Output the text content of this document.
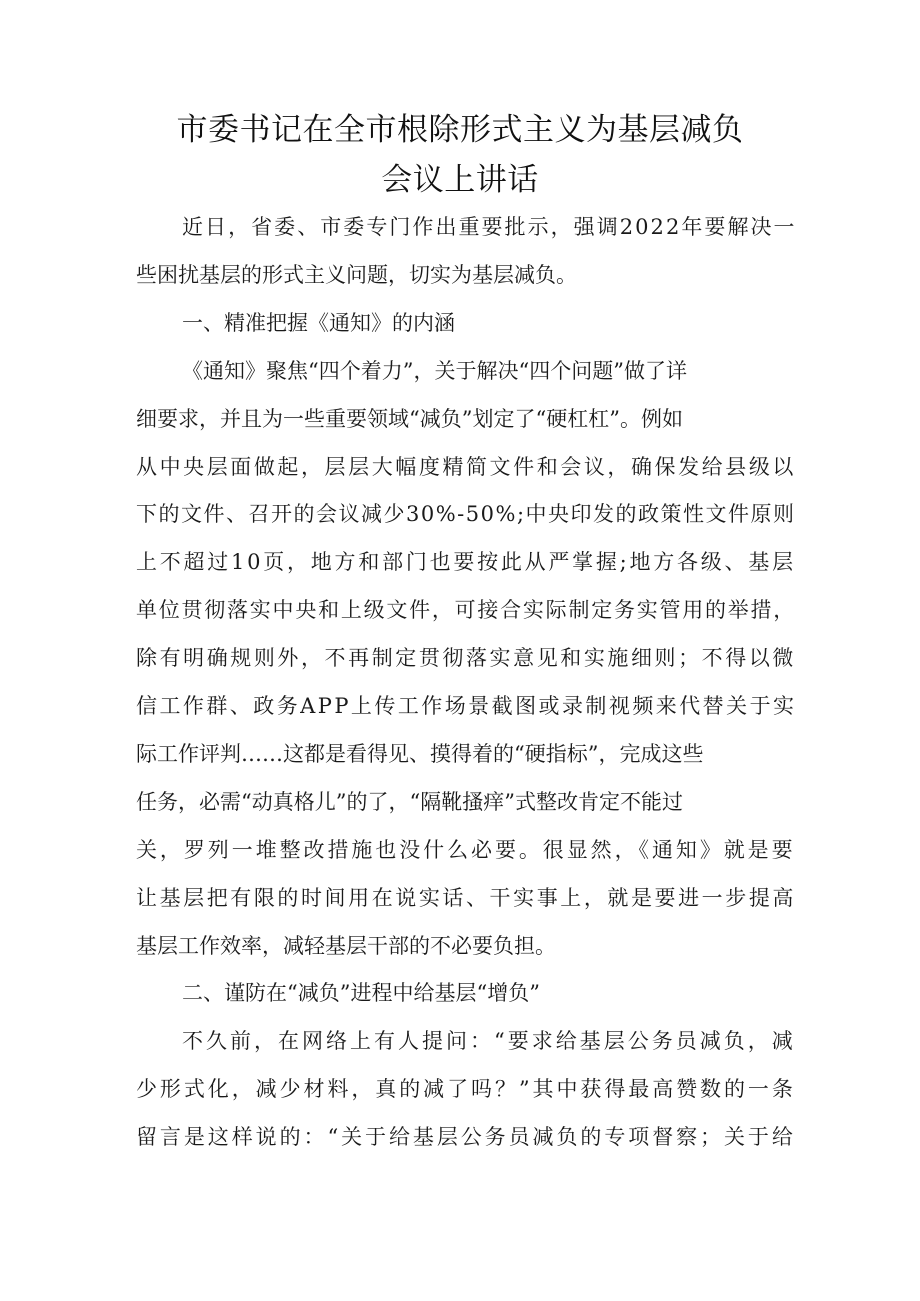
市委书记在全市根除形式主义为基层减负
会议上讲话
近日，省委、市委专门作出重要批示，强调2022年要解决一
些困扰基层的形式主义问题，切实为基层减负。
一、精准把握《通知》的内涵
《通知》聚焦“四个着力”，关于解决“四个问题”做了详
细要求，并且为一些重要领域“减负”划定了“硬杠杠”。例如
从中央层面做起，层层大幅度精简文件和会议，确保发给县级以
下的文件、召开的会议减少30%-50%;中央印发的政策性文件原则
上不超过10页，地方和部门也要按此从严掌握;地方各级、基层
单位贯彻落实中央和上级文件，可接合实际制定务实管用的举措，
除有明确规则外，不再制定贯彻落实意见和实施细则；不得以微
信工作群、政务APP上传工作场景截图或录制视频来代替关于实
际工作评判……这都是看得见、摸得着的“硬指标”，完成这些
任务，必需“动真格儿”的了，“隔靴搔痒”式整改肯定不能过
关，罗列一堆整改措施也没什么必要。很显然，《通知》就是要
让基层把有限的时间用在说实话、干实事上，就是要进一步提高
基层工作效率，减轻基层干部的不必要负担。
二、谨防在“减负”进程中给基层“增负”
不久前，在网络上有人提问：“要求给基层公务员减负，减
少形式化，减少材料，真的减了吗？”其中获得最高赞数的一条
留言是这样说的：“关于给基层公务员减负的专项督察；关于给
